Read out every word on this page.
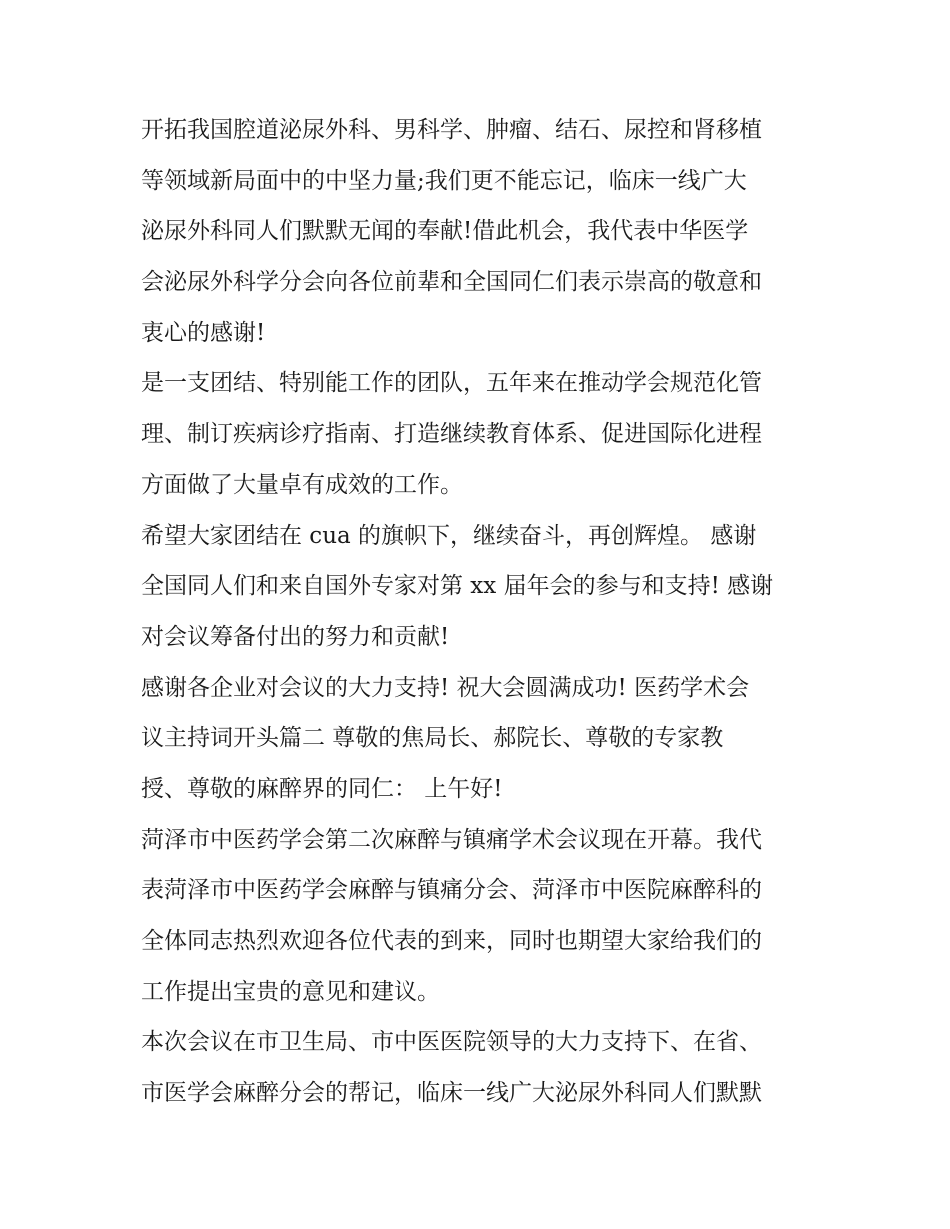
开拓我国腔道泌尿外科、男科学、肿瘤、结石、尿控和肾移植
等领域新局面中的中坚力量;我们更不能忘记，临床一线广大
泌尿外科同人们默默无闻的奉献!借此机会，我代表中华医学
会泌尿外科学分会向各位前辈和全国同仁们表示崇高的敬意和
衷心的感谢!
是一支团结、特别能工作的团队，五年来在推动学会规范化管
理、制订疾病诊疗指南、打造继续教育体系、促进国际化进程
方面做了大量卓有成效的工作。
希望大家团结在 cua 的旗帜下，继续奋斗，再创辉煌。 感谢
全国同人们和来自国外专家对第 xx 届年会的参与和支持! 感谢
对会议筹备付出的努力和贡献!
感谢各企业对会议的大力支持! 祝大会圆满成功! 医药学术会
议主持词开头篇二 尊敬的焦局长、郝院长、尊敬的专家教
授、尊敬的麻醉界的同仁： 上午好!
菏泽市中医药学会第二次麻醉与镇痛学术会议现在开幕。我代
表菏泽市中医药学会麻醉与镇痛分会、菏泽市中医院麻醉科的
全体同志热烈欢迎各位代表的到来，同时也期望大家给我们的
工作提出宝贵的意见和建议。
本次会议在市卫生局、市中医医院领导的大力支持下、在省、
市医学会麻醉分会的帮记，临床一线广大泌尿外科同人们默默
